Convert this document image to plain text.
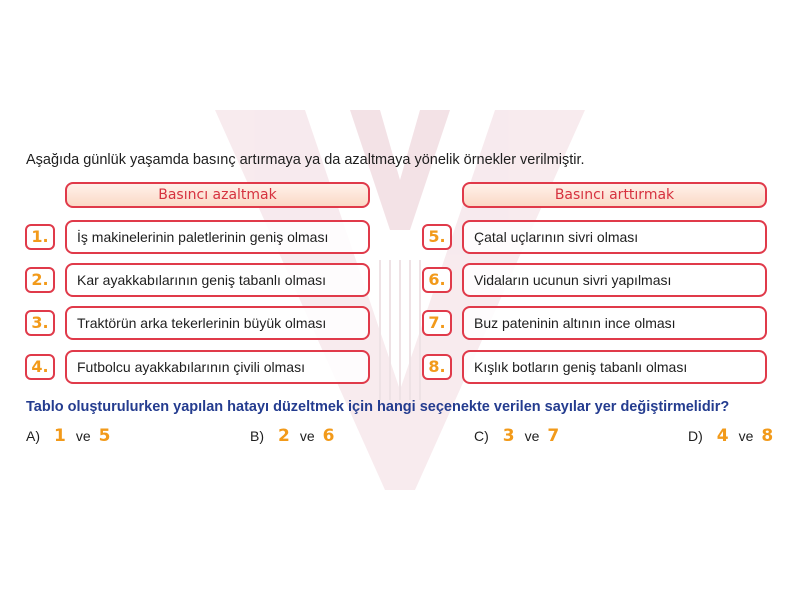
Aşağıda günlük yaşamda basınç artırmaya ya da azaltmaya yönelik örnekler verilmiştir.
Basıncı azaltmak	Basıncı arttırmak
1.	İş makinelerinin paletlerinin geniş olması
2.	Kar ayakkabılarının geniş tabanlı olması
3.	Traktörün arka tekerlerinin büyük olması
4.	Futbolcu ayakkabılarının çivili olması
5.	Çatal uçlarının sivri olması
6.	Vidaların ucunun sivri yapılması
7.	Buz pateninin altının ince olması
8.	Kışlık botların geniş tabanlı olması
Tablo oluşturulurken yapılan hatayı düzeltmek için hangi seçenekte verilen sayılar yer değiştirmelidir?
A) 1 ve 5	B) 2 ve 6	C) 3 ve 7	D) 4 ve 8
